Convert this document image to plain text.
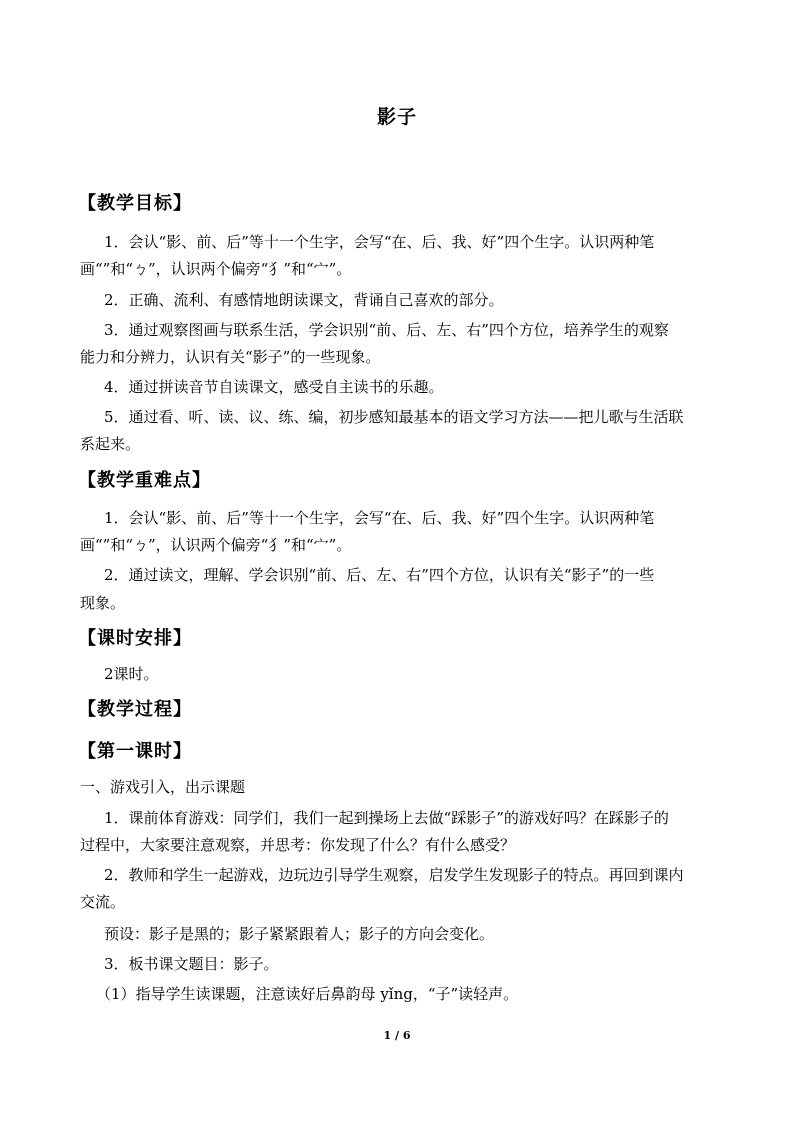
影子
【教学目标】
1．会认“影、前、后”等十一个生字，会写“在、后、我、好”四个生字。认识两种笔
画“”和“ㄅ”，认识两个偏旁“犭”和“宀”。
2．正确、流利、有感情地朗读课文，背诵自己喜欢的部分。
3．通过观察图画与联系生活，学会识别“前、后、左、右”四个方位，培养学生的观察
能力和分辨力，认识有关“影子”的一些现象。
4．通过拼读音节自读课文，感受自主读书的乐趣。
5．通过看、听、读、议、练、编，初步感知最基本的语文学习方法——把儿歌与生活联
系起来。
【教学重难点】
1．会认“影、前、后”等十一个生字，会写“在、后、我、好”四个生字。认识两种笔
画“”和“ㄅ”，认识两个偏旁“犭”和“宀”。
2．通过读文，理解、学会识别“前、后、左、右”四个方位，认识有关“影子”的一些
现象。
【课时安排】
2课时。
【教学过程】
【第一课时】
一、游戏引入，出示课题
1．课前体育游戏：同学们，我们一起到操场上去做“踩影子”的游戏好吗？在踩影子的
过程中，大家要注意观察，并思考：你发现了什么？有什么感受？
2．教师和学生一起游戏，边玩边引导学生观察，启发学生发现影子的特点。再回到课内
交流。
预设：影子是黑的；影子紧紧跟着人；影子的方向会变化。
3．板书课文题目：影子。
（1）指导学生读课题，注意读好后鼻韵母 yǐng，“子”读轻声。
1 / 6
